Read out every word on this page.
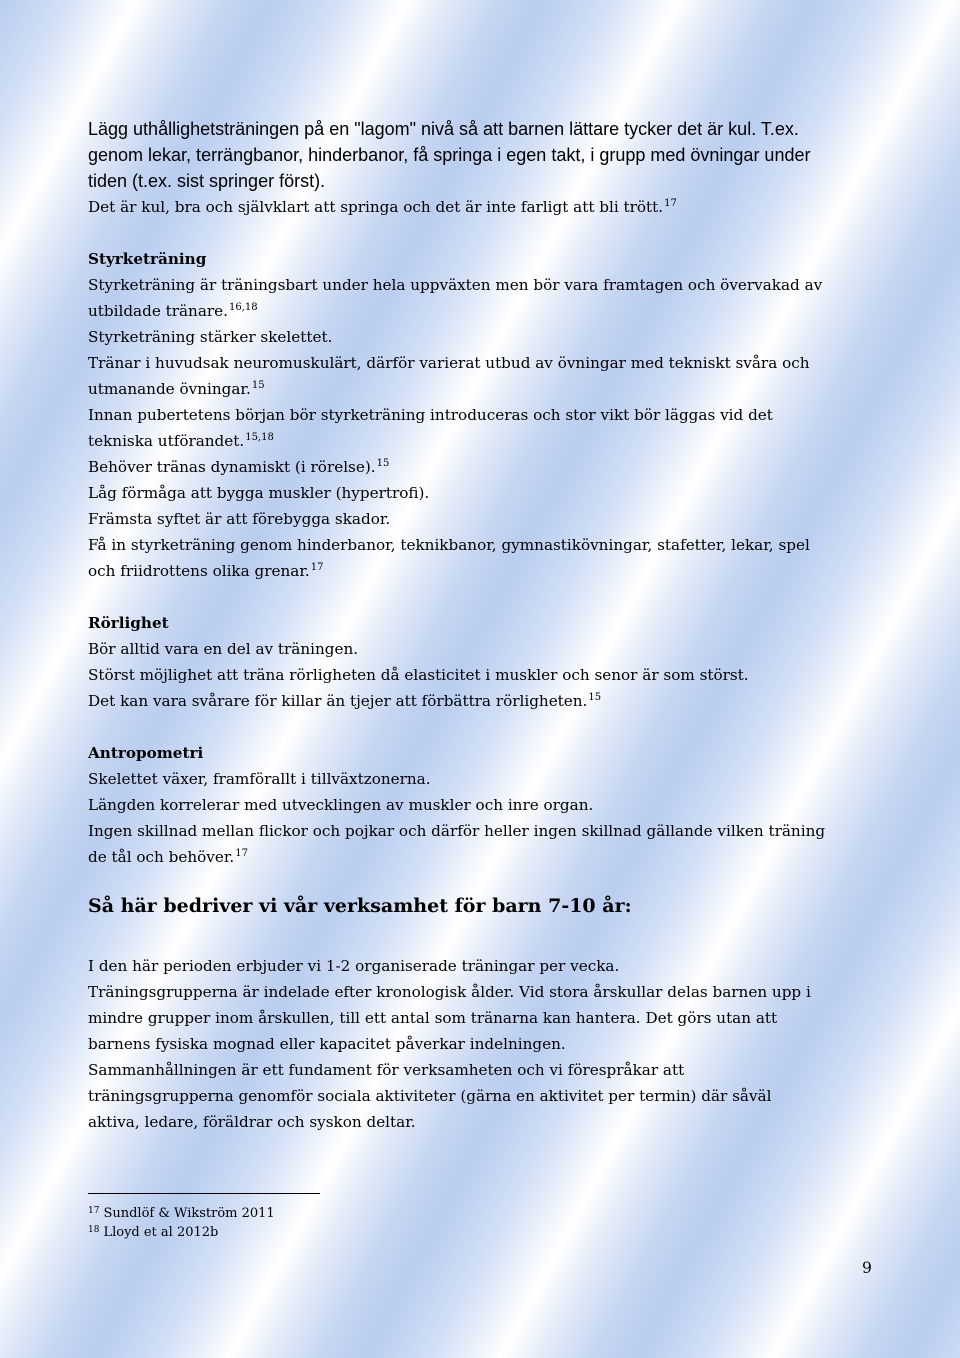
Lägg uthållighetsträningen på en "lagom" nivå så att barnen lättare tycker det är kul. T.ex.
genom lekar, terrängbanor, hinderbanor, få springa i egen takt, i grupp med övningar under
tiden (t.ex. sist springer först).
Det är kul, bra och självklart att springa och det är inte farligt att bli trött.$^{17}$
Styrketräning
Styrketräning är träningsbart under hela uppväxten men bör vara framtagen och övervakad av
utbildade tränare.$^{16,18}$
Styrketräning stärker skelettet.
Tränar i huvudsak neuromuskulärt, därför varierat utbud av övningar med tekniskt svåra och
utmanande övningar.$^{15}$
Innan pubertetens början bör styrketräning introduceras och stor vikt bör läggas vid det
tekniska utförandet.$^{15,18}$
Behöver tränas dynamiskt (i rörelse).$^{15}$
Låg förmåga att bygga muskler (hypertrofi).
Främsta syftet är att förebygga skador.
Få in styrketräning genom hinderbanor, teknikbanor, gymnastikövningar, stafetter, lekar, spel
och friidrottens olika grenar.$^{17}$
Rörlighet
Bör alltid vara en del av träningen.
Störst möjlighet att träna rörligheten då elasticitet i muskler och senor är som störst.
Det kan vara svårare för killar än tjejer att förbättra rörligheten.$^{15}$
Antropometri
Skelettet växer, framförallt i tillväxtzonerna.
Längden korrelerar med utvecklingen av muskler och inre organ.
Ingen skillnad mellan flickor och pojkar och därför heller ingen skillnad gällande vilken träning
de tål och behöver.$^{17}$
Så här bedriver vi vår verksamhet för barn 7-10 år:
I den här perioden erbjuder vi 1-2 organiserade träningar per vecka.
Träningsgrupperna är indelade efter kronologisk ålder. Vid stora årskullar delas barnen upp i
mindre grupper inom årskullen, till ett antal som tränarna kan hantera. Det görs utan att
barnens fysiska mognad eller kapacitet påverkar indelningen.
Sammanhållningen är ett fundament för verksamheten och vi förespråkar att
träningsgrupperna genomför sociala aktiviteter (gärna en aktivitet per termin) där såväl
aktiva, ledare, föräldrar och syskon deltar.
$^{17}$ Sundlöf & Wikström 2011
$^{18}$ Lloyd et al 2012b
9
